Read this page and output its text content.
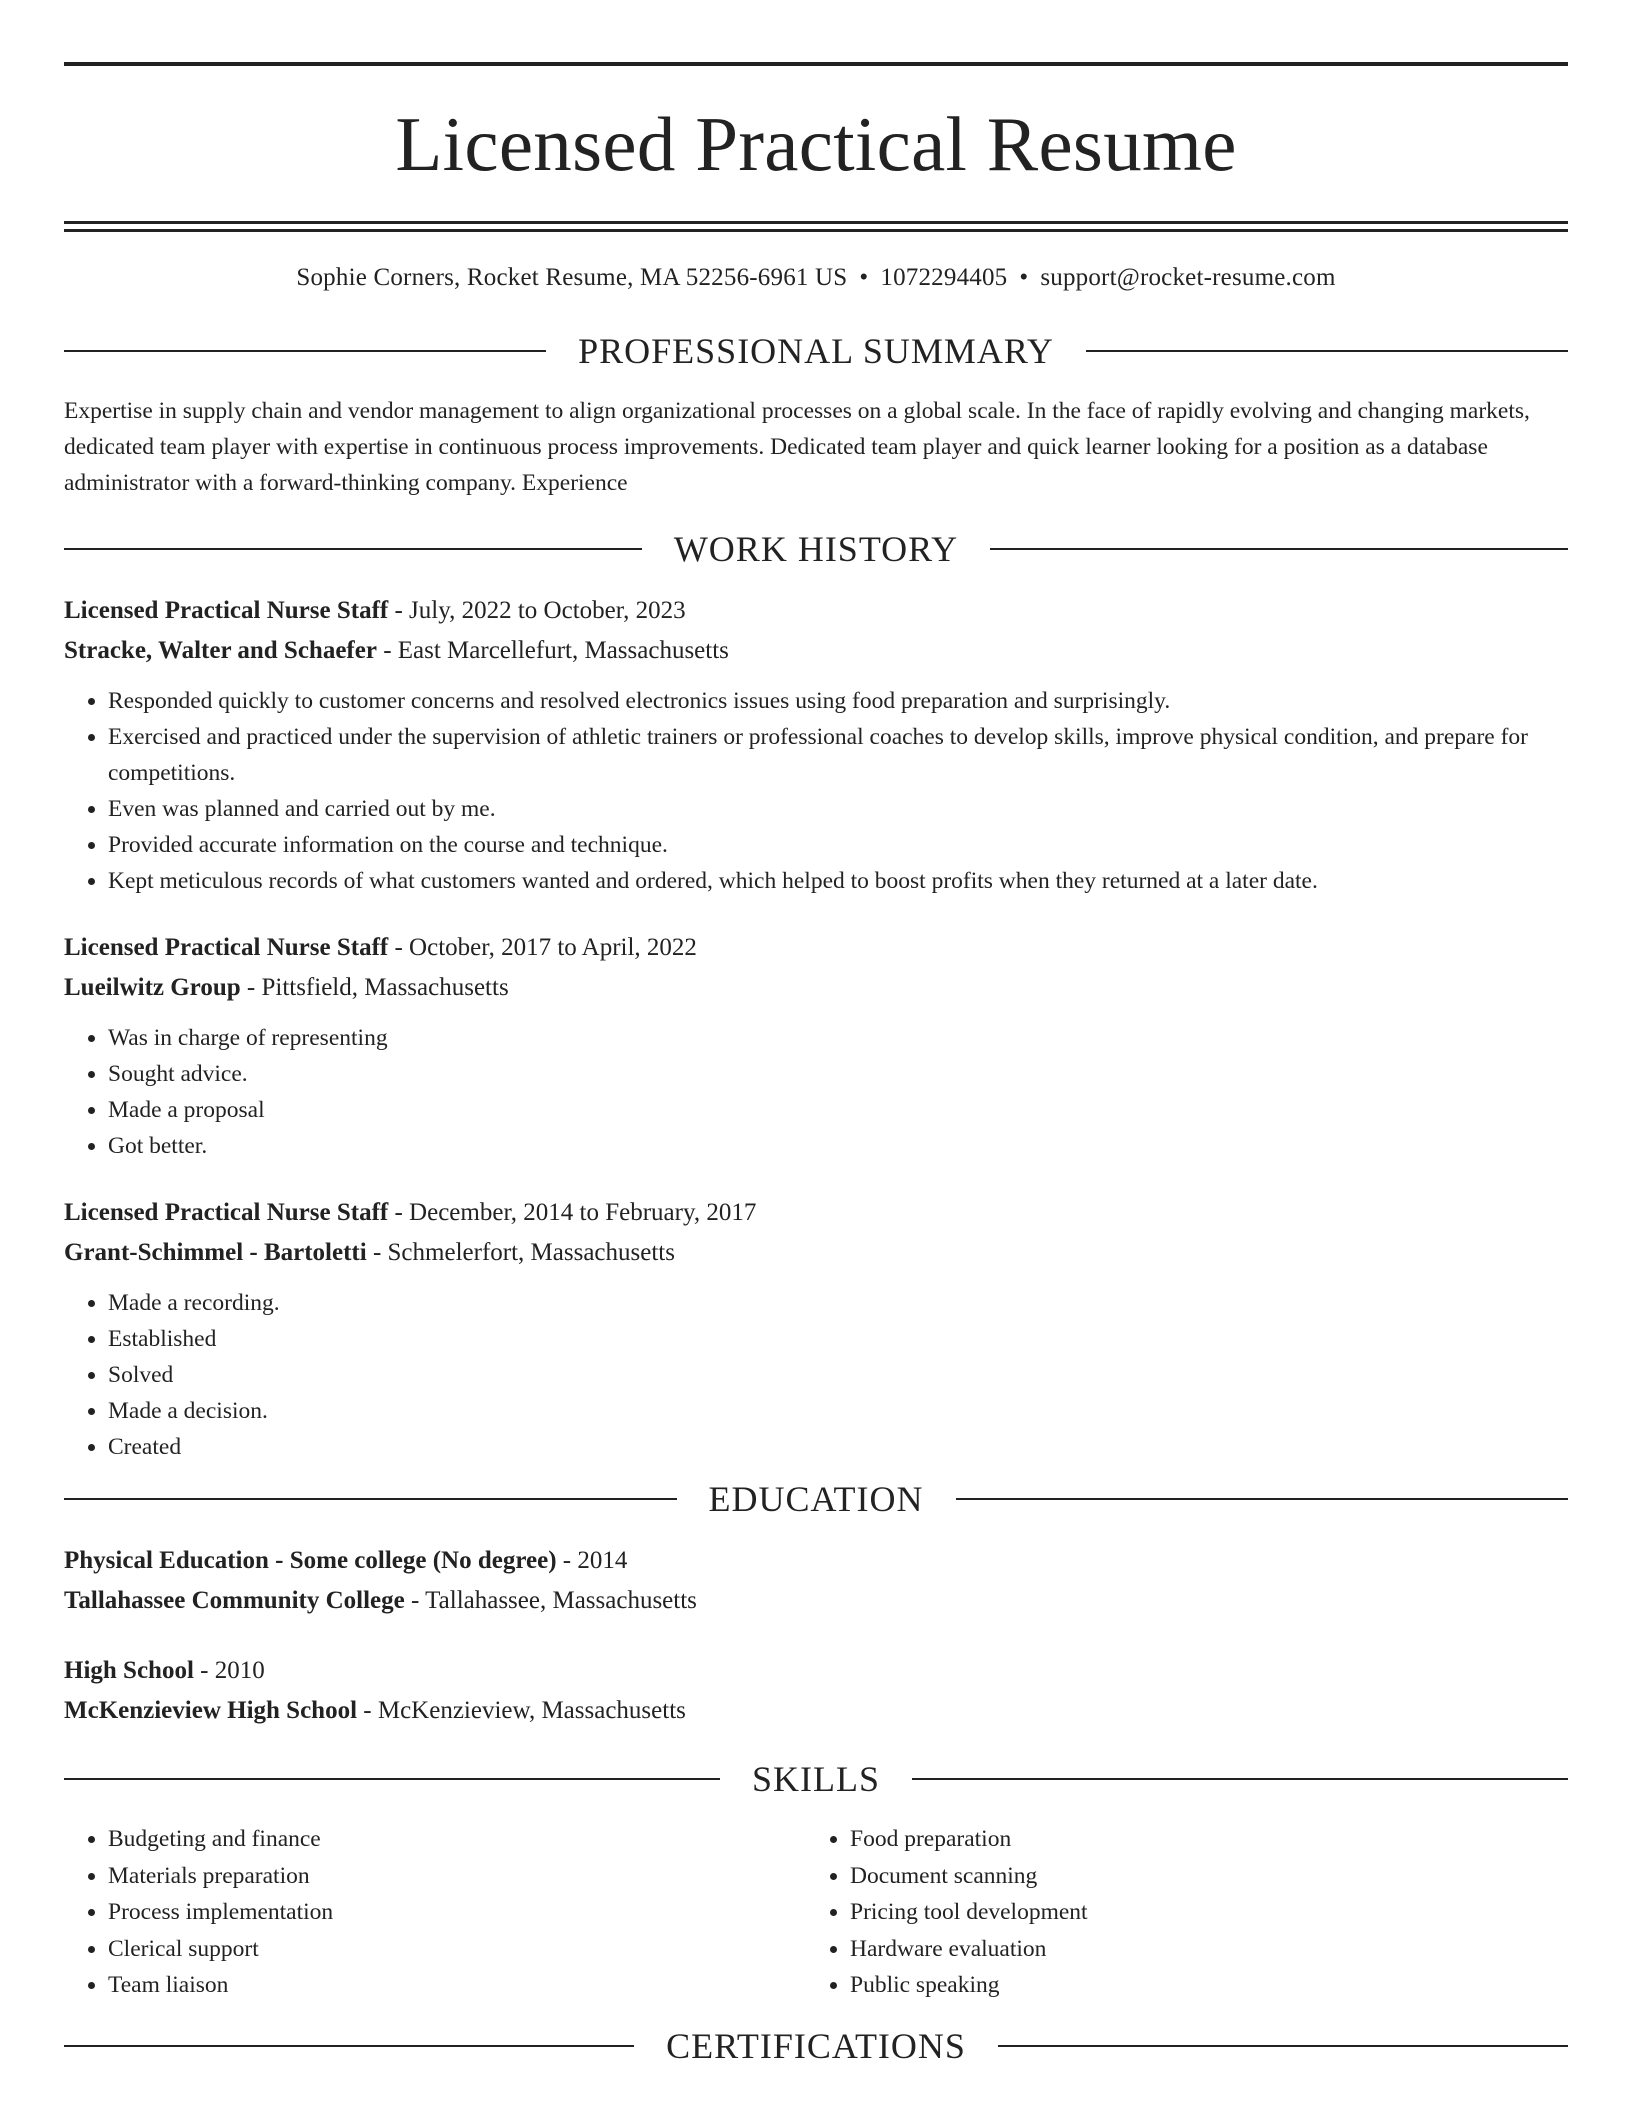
Licensed Practical Resume
Sophie Corners, Rocket Resume, MA 52256-6961 US • 1072294405 • support@rocket-resume.com
PROFESSIONAL SUMMARY
Expertise in supply chain and vendor management to align organizational processes on a global scale. In the face of rapidly evolving and changing markets, dedicated team player with expertise in continuous process improvements. Dedicated team player and quick learner looking for a position as a database administrator with a forward-thinking company. Experience
WORK HISTORY
Licensed Practical Nurse Staff - July, 2022 to October, 2023
Stracke, Walter and Schaefer - East Marcellefurt, Massachusetts
• Responded quickly to customer concerns and resolved electronics issues using food preparation and surprisingly.
• Exercised and practiced under the supervision of athletic trainers or professional coaches to develop skills, improve physical condition, and prepare for competitions.
• Even was planned and carried out by me.
• Provided accurate information on the course and technique.
• Kept meticulous records of what customers wanted and ordered, which helped to boost profits when they returned at a later date.
Licensed Practical Nurse Staff - October, 2017 to April, 2022
Lueilwitz Group - Pittsfield, Massachusetts
• Was in charge of representing
• Sought advice.
• Made a proposal
• Got better.
Licensed Practical Nurse Staff - December, 2014 to February, 2017
Grant-Schimmel - Bartoletti - Schmelerfort, Massachusetts
• Made a recording.
• Established
• Solved
• Made a decision.
• Created
EDUCATION
Physical Education - Some college (No degree) - 2014
Tallahassee Community College - Tallahassee, Massachusetts
High School - 2010
McKenzieview High School - McKenzieview, Massachusetts
SKILLS
• Budgeting and finance
• Materials preparation
• Process implementation
• Clerical support
• Team liaison
• Food preparation
• Document scanning
• Pricing tool development
• Hardware evaluation
• Public speaking
CERTIFICATIONS
